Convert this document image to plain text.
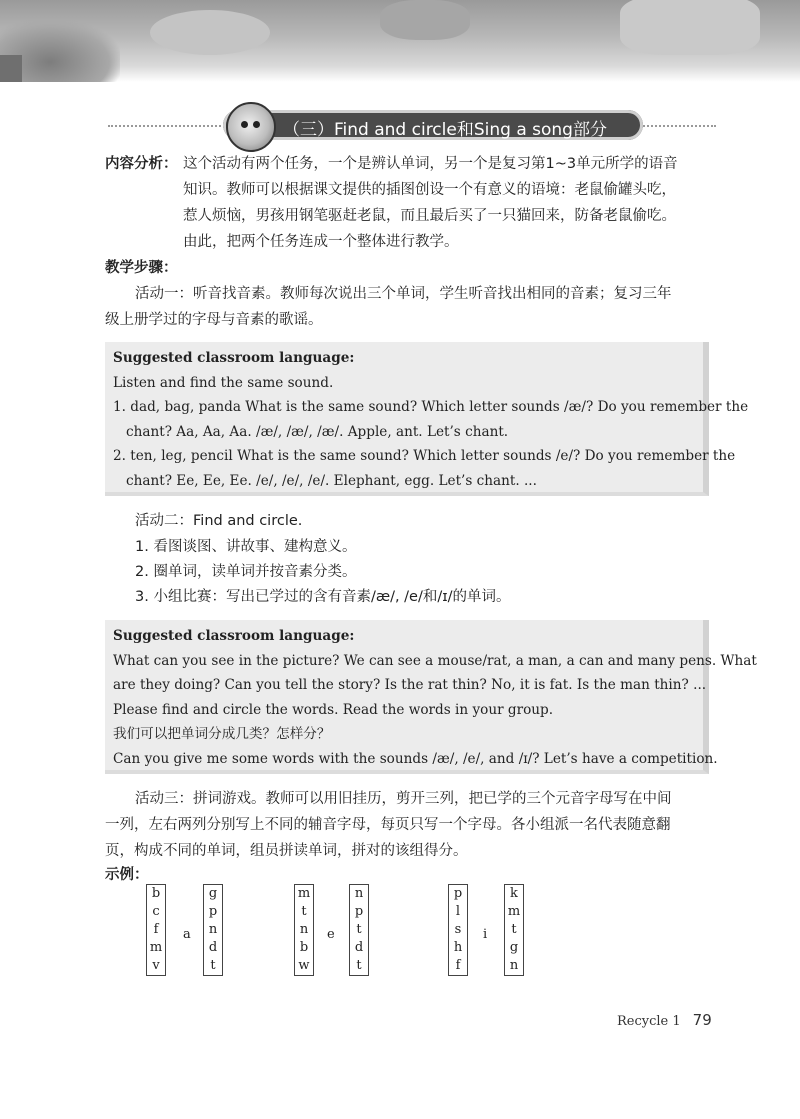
（三）Find and circle和Sing a song部分
内容分析： 这个活动有两个任务，一个是辨认单词，另一个是复习第1~3单元所学的语音
知识。教师可以根据课文提供的插图创设一个有意义的语境：老鼠偷罐头吃，
惹人烦恼，男孩用钢笔驱赶老鼠，而且最后买了一只猫回来，防备老鼠偷吃。
由此，把两个任务连成一个整体进行教学。
教学步骤：
活动一：听音找音素。教师每次说出三个单词，学生听音找出相同的音素；复习三年
级上册学过的字母与音素的歌谣。
Suggested classroom language:
Listen and find the same sound.
1. dad, bag, panda What is the same sound? Which letter sounds /æ/? Do you remember the
chant? Aa, Aa, Aa. /æ/, /æ/, /æ/. Apple, ant. Let’s chant.
2. ten, leg, pencil What is the same sound? Which letter sounds /e/? Do you remember the
chant? Ee, Ee, Ee. /e/, /e/, /e/. Elephant, egg. Let’s chant. ...
活动二：Find and circle.
1. 看图谈图、讲故事、建构意义。
2. 圈单词，读单词并按音素分类。
3. 小组比赛：写出已学过的含有音素/æ/, /e/和/ɪ/的单词。
Suggested classroom language:
What can you see in the picture? We can see a mouse/rat, a man, a can and many pens. What
are they doing? Can you tell the story? Is the rat thin? No, it is fat. Is the man thin? ...
Please find and circle the words. Read the words in your group.
我们可以把单词分成几类？怎样分？
Can you give me some words with the sounds /æ/, /e/, and /ɪ/? Let’s have a competition.
活动三：拼词游戏。教师可以用旧挂历，剪开三列，把已学的三个元音字母写在中间
一列，左右两列分别写上不同的辅音字母，每页只写一个字母。各小组派一名代表随意翻
页，构成不同的单词，组员拼读单词，拼对的该组得分。
示例：
b
c
f
m
v
a
g
p
n
d
t
m
t
n
b
w
e
n
p
t
d
t
p
l
s
h
f
i
k
m
t
g
n
Recycle 1 79
